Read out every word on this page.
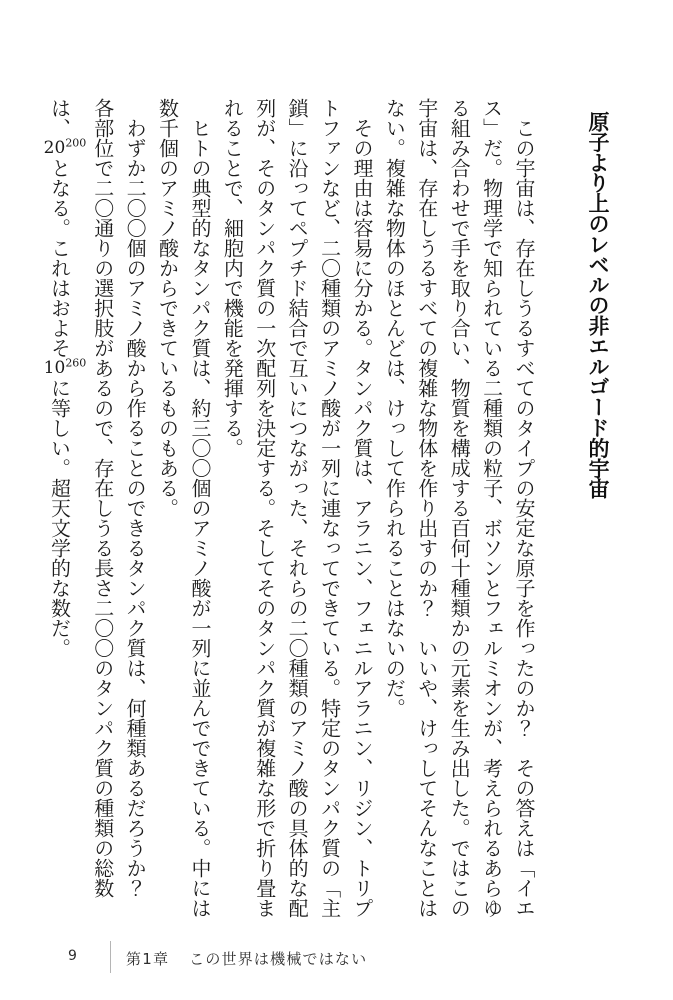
原子より上のレベルの非エルゴード的宇宙
この宇宙は、存在しうるすべてのタイプの安定な原子を作ったのか？　その答えは「イエ
ス」だ。物理学で知られている二種類の粒子、ボソンとフェルミオンが、考えられるあらゆ
る組み合わせで手を取り合い、物質を構成する百何十種類かの元素を生み出した。ではこの
宇宙は、存在しうるすべての複雑な物体を作り出すのか？　いいや、けっしてそんなことは
ない。複雑な物体のほとんどは、けっして作られることはないのだ。
その理由は容易に分かる。タンパク質は、アラニン、フェニルアラニン、リジン、トリプ
トファンなど、二〇種類のアミノ酸が一列に連なってできている。特定のタンパク質の「主
鎖」に沿ってペプチド結合で互いにつながった、それらの二〇種類のアミノ酸の具体的な配
列が、そのタンパク質の一次配列を決定する。そしてそのタンパク質が複雑な形で折り畳ま
れることで、細胞内で機能を発揮する。
ヒトの典型的なタンパク質は、約三〇〇個のアミノ酸が一列に並んでできている。中には
数千個のアミノ酸からできているものもある。
わずか二〇〇個のアミノ酸から作ることのできるタンパク質は、何種類あるだろうか？
各部位で二〇通りの選択肢があるので、存在しうる長さ二〇〇のタンパク質の種類の総数
は、$20^{200}$となる。これはおよそ$10^{260}$に等しい。超天文学的な数だ。
9	第1章 この世界は機械ではない
